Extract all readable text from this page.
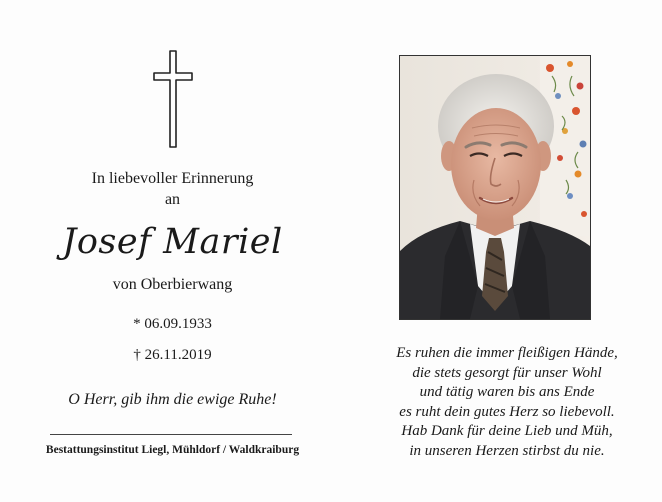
In liebevoller Erinnerung
an
Josef Mariel
von Oberbierwang
* 06.09.1933
† 26.11.2019
O Herr, gib ihm die ewige Ruhe!
Bestattungsinstitut Liegl, Mühldorf / Waldkraiburg
Es ruhen die immer fleißigen Hände,
die stets gesorgt für unser Wohl
und tätig waren bis ans Ende
es ruht dein gutes Herz so liebevoll.
Hab Dank für deine Lieb und Müh,
in unseren Herzen stirbst du nie.
